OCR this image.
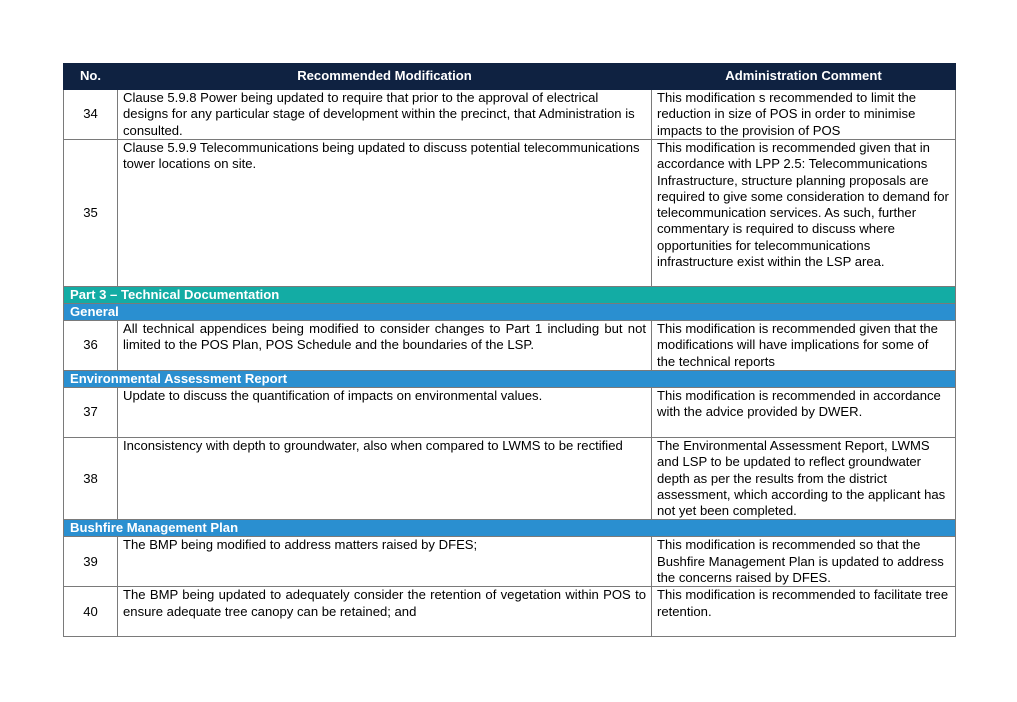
No.	Recommended Modification	Administration Comment
34	Clause 5.9.8 Power being updated to require that prior to the approval of electrical designs for any particular stage of development within the precinct, that Administration is consulted.	This modification s recommended to limit the reduction in size of POS in order to minimise impacts to the provision of POS
35	Clause 5.9.9 Telecommunications being updated to discuss potential telecommunications tower locations on site.	This modification is recommended given that in accordance with LPP 2.5: Telecommunications Infrastructure, structure planning proposals are required to give some consideration to demand for telecommunication services. As such, further commentary is required to discuss where opportunities for telecommunications infrastructure exist within the LSP area.
Part 3 – Technical Documentation		
General		
36	All technical appendices being modified to consider changes to Part 1 including but not limited to the POS Plan, POS Schedule and the boundaries of the LSP.	This modification is recommended given that the modifications will have implications for some of the technical reports
Environmental Assessment Report		
37	Update to discuss the quantification of impacts on environmental values.	This modification is recommended in accordance with the advice provided by DWER.
38	Inconsistency with depth to groundwater, also when compared to LWMS to be rectified	The Environmental Assessment Report, LWMS and LSP to be updated to reflect groundwater depth as per the results from the district assessment, which according to the applicant has not yet been completed.
Bushfire Management Plan		
39	The BMP being modified to address matters raised by DFES;	This modification is recommended so that the Bushfire Management Plan is updated to address the concerns raised by DFES.
40	The BMP being updated to adequately consider the retention of vegetation within POS to ensure adequate tree canopy can be retained; and	This modification is recommended to facilitate tree retention.
